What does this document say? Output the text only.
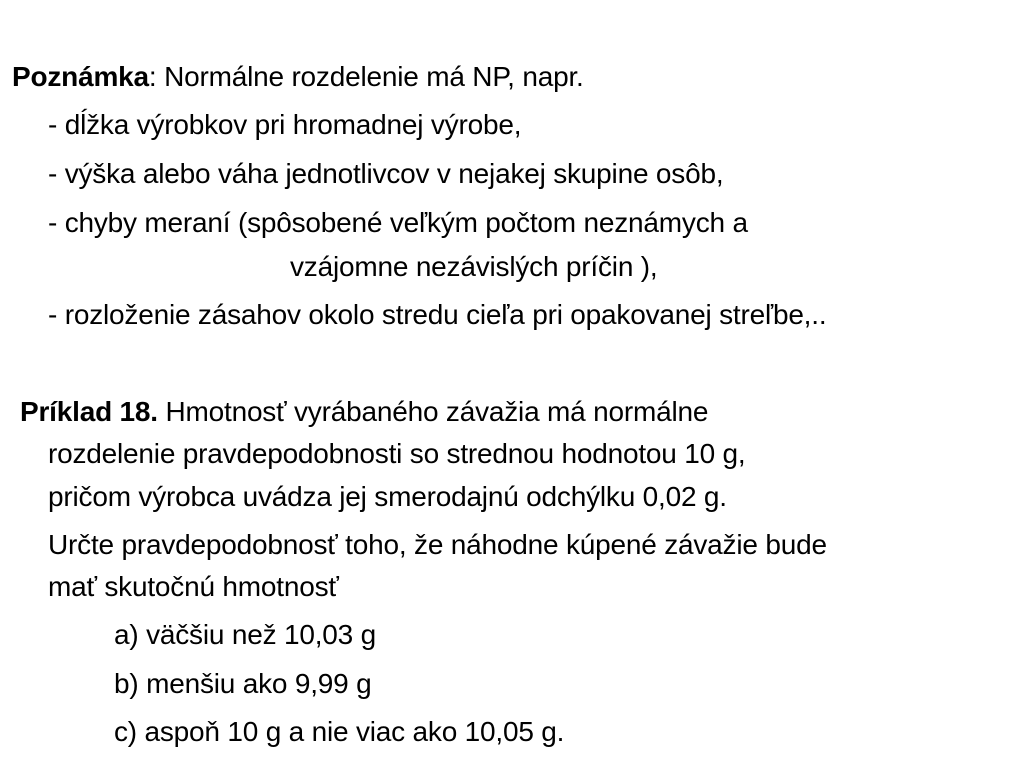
Poznámka: Normálne rozdelenie má NP, napr.
- dĺžka výrobkov pri hromadnej výrobe,
- výška alebo váha jednotlivcov v nejakej skupine osôb,
- chyby meraní (spôsobené veľkým počtom neznámych a
vzájomne nezávislých príčin ),
- rozloženie zásahov okolo stredu cieľa pri opakovanej streľbe,..
Príklad 18. Hmotnosť vyrábaného závažia má normálne
rozdelenie pravdepodobnosti so strednou hodnotou 10 g,
pričom výrobca uvádza jej smerodajnú odchýlku 0,02 g.
Určte pravdepodobnosť toho, že náhodne kúpené závažie bude
mať skutočnú hmotnosť
a) väčšiu než 10,03 g
b) menšiu ako 9,99 g
c) aspoň 10 g a nie viac ako 10,05 g.
